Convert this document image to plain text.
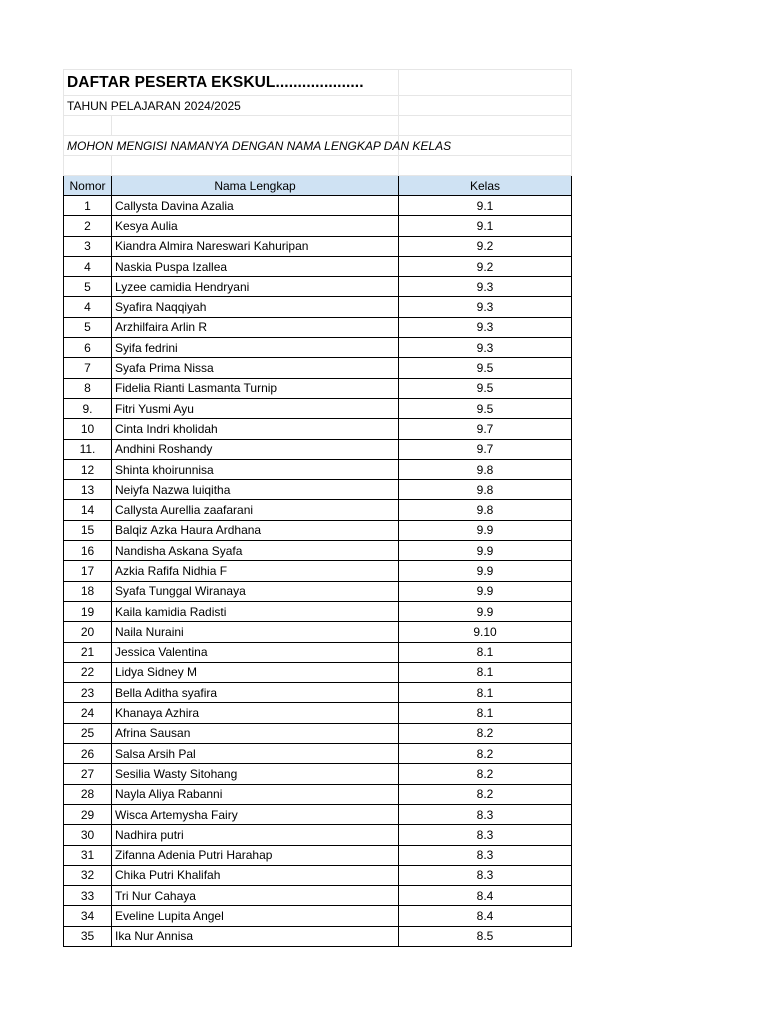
DAFTAR PESERTA EKSKUL....................		
TAHUN PELAJARAN 2024/2025		

MOHON MENGISI NAMANYA DENGAN NAMA LENGKAP DAN KELAS		

Nomor	Nama Lengkap	Kelas
1	Callysta Davina Azalia	9.1
2	Kesya Aulia	9.1
3	Kiandra Almira Nareswari Kahuripan	9.2
4	Naskia Puspa Izallea	9.2
5	Lyzee camidia Hendryani	9.3
4	Syafira Naqqiyah	9.3
5	Arzhilfaira Arlin R	9.3
6	Syifa fedrini	9.3
7	Syafa Prima Nissa	9.5
8	Fidelia Rianti Lasmanta Turnip	9.5
9.	Fitri Yusmi Ayu	9.5
10	Cinta Indri kholidah	9.7
11.	Andhini Roshandy	9.7
12	Shinta khoirunnisa	9.8
13	Neiyfa Nazwa luiqitha	9.8
14	Callysta Aurellia zaafarani	9.8
15	Balqiz Azka Haura Ardhana	9.9
16	Nandisha Askana Syafa	9.9
17	Azkia Rafifa Nidhia F	9.9
18	Syafa Tunggal Wiranaya	9.9
19	Kaila kamidia Radisti	9.9
20	Naila Nuraini	9.10
21	Jessica Valentina	8.1
22	Lidya Sidney M	8.1
23	Bella Aditha syafira	8.1
24	Khanaya Azhira	8.1
25	Afrina Sausan	8.2
26	Salsa Arsih Pal	8.2
27	Sesilia Wasty Sitohang	8.2
28	Nayla Aliya Rabanni	8.2
29	Wisca Artemysha Fairy	8.3
30	Nadhira putri	8.3
31	Zifanna Adenia Putri Harahap	8.3
32	Chika Putri Khalifah	8.3
33	Tri Nur Cahaya	8.4
34	Eveline Lupita Angel	8.4
35	Ika Nur Annisa	8.5
